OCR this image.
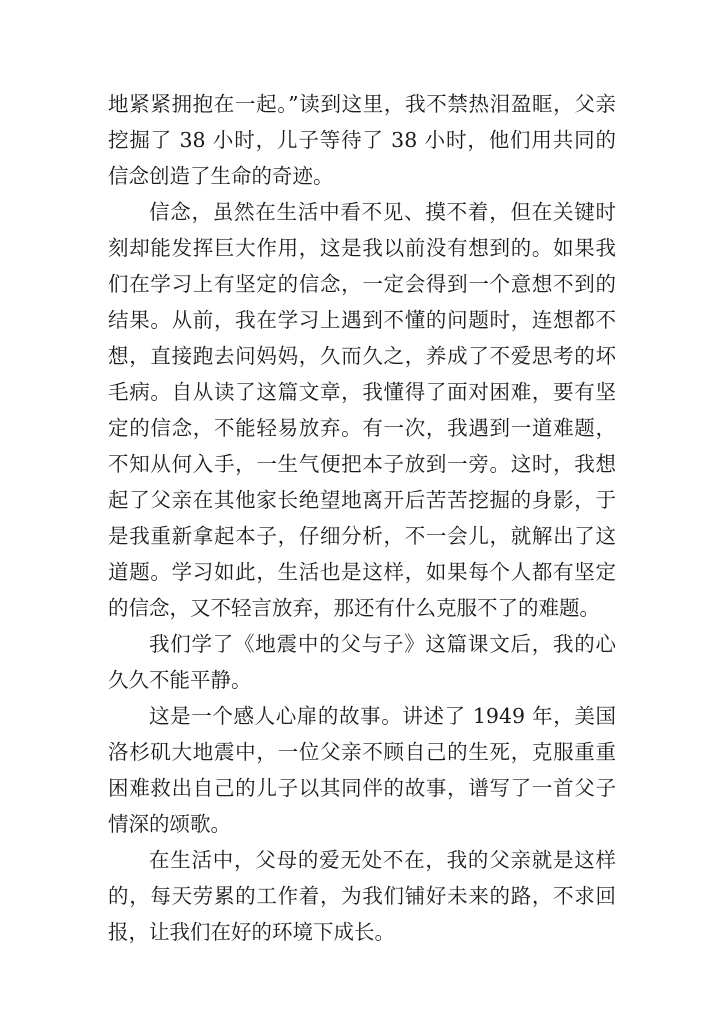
地紧紧拥抱在一起。”读到这里，我不禁热泪盈眶，父亲挖掘了 38 小时，儿子等待了 38 小时，他们用共同的信念创造了生命的奇迹。

信念，虽然在生活中看不见、摸不着，但在关键时刻却能发挥巨大作用，这是我以前没有想到的。如果我们在学习上有坚定的信念，一定会得到一个意想不到的结果。从前，我在学习上遇到不懂的问题时，连想都不想，直接跑去问妈妈，久而久之，养成了不爱思考的坏毛病。自从读了这篇文章，我懂得了面对困难，要有坚定的信念，不能轻易放弃。有一次，我遇到一道难题，不知从何入手，一生气便把本子放到一旁。这时，我想起了父亲在其他家长绝望地离开后苦苦挖掘的身影，于是我重新拿起本子，仔细分析，不一会儿，就解出了这道题。学习如此，生活也是这样，如果每个人都有坚定的信念，又不轻言放弃，那还有什么克服不了的难题。

我们学了《地震中的父与子》这篇课文后，我的心久久不能平静。

这是一个感人心扉的故事。讲述了 1949 年，美国洛杉矶大地震中，一位父亲不顾自己的生死，克服重重困难救出自己的儿子以其同伴的故事，谱写了一首父子情深的颂歌。

在生活中，父母的爱无处不在，我的父亲就是这样的，每天劳累的工作着，为我们铺好未来的路，不求回报，让我们在好的环境下成长。
